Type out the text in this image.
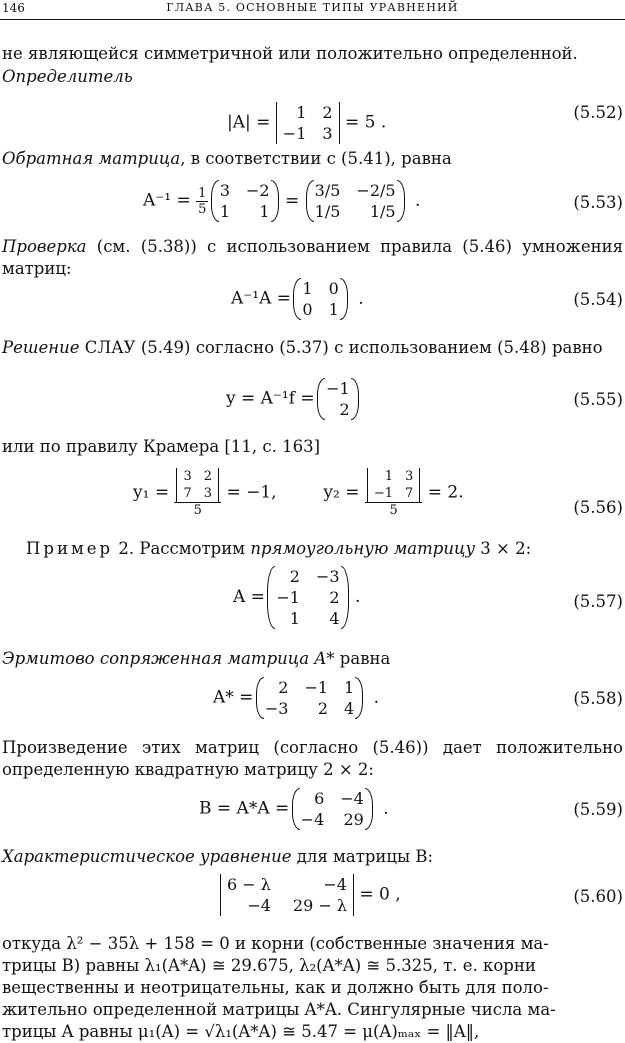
146	ГЛАВА 5. ОСНОВНЫЕ ТИПЫ УРАВНЕНИЙ
не являющейся симметричной или положительно определенной.
Определитель
|A| =	1 2
−1 3
= 5 .	(5.52)
Обратная матрица, в соответствии с (5.41), равна
$A^{-1} = \frac{1}{5}$
3 −2
1	1
= 3/5 −2/5
1/5	1/5
.	(5.53)
Проверка (см. (5.38)) с использованием правила (5.46) умножения матриц:
A⁻¹A = 1 0
0 1
.	(5.54)
Решение СЛАУ (5.49) согласно (5.37) с использованием (5.48) равно
y = A⁻¹f = −1
2
(5.55)
или по правилу Крамера [11, с. 163]
y₁ = 3 2
7 3
5 = −1,	y₂ = 1 3
−1 7
5 = 2.
(5.56)
Пример 2. Рассмотрим прямоугольную матрицу 3 × 2:
A =
2 −3
−1	2
1	4
.	(5.57)
Эрмитово сопряженная матрица A* равна
A* =	2 −1 1
−3	2 4
.	(5.58)
Произведение этих матриц (согласно (5.46)) дает положительно определенную квадратную матрицу 2 × 2:
B = A*A =	6 −4
−4 29
.	(5.59)
Характеристическое уравнение для матрицы B:
6 − λ	−4
−4 29 − λ
= 0 ,	(5.60)
откуда λ² − 35λ + 158 = 0 и корни (собственные значения ма-
трицы B) равны λ₁(A*A) ≅ 29.675, λ₂(A*A) ≅ 5.325, т. е. корни
вещественны и неотрицательны, как и должно быть для поло-
жительно определенной матрицы A*A. Сингулярные числа ма-
трицы A равны μ₁(A) = √λ₁(A*A) ≅ 5.47 = μ(A)ₘₐₓ = ‖A‖,
